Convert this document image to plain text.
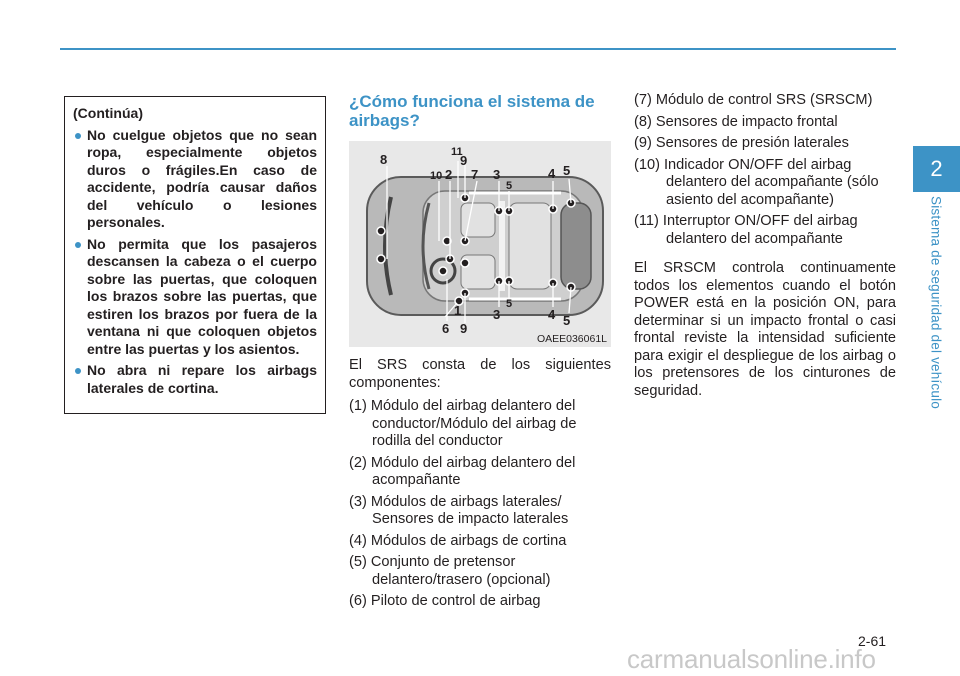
2
Sistema de seguridad del vehículo
(Continúa)
No cuelgue objetos que no sean ropa, especialmente objetos duros o frágiles.En caso de accidente, podría causar daños del vehículo o lesiones personales.
No permita que los pasajeros descansen la cabeza o el cuerpo sobre las puertas, que coloquen los brazos sobre las puertas, que estiren los brazos por fuera de la ventana ni que coloquen objetos entre las puertas y los asientos.
No abra ni repare los airbags laterales de cortina.
¿Cómo funciona el sistema de airbags?
8	11
9
10 2 7 3
5
4 5
1
6 9
3
5
4 5
OAEE036061L
El SRS consta de los siguientes componentes:
(1) Módulo del airbag delantero del conductor/Módulo del airbag de rodilla del conductor
(2) Módulo del airbag delantero del acompañante
(3) Módulos de airbags laterales/ Sensores de impacto laterales
(4) Módulos de airbags de cortina
(5) Conjunto de pretensor delantero/trasero (opcional)
(6) Piloto de control de airbag
(7) Módulo de control SRS (SRSCM)
(8) Sensores de impacto frontal
(9) Sensores de presión laterales
(10) Indicador ON/OFF del airbag delantero del acompañante (sólo asiento del acompañante)
(11) Interruptor ON/OFF del airbag delantero del acompañante
El SRSCM controla continuamente todos los elementos cuando el botón POWER está en la posición ON, para determinar si un impacto frontal o casi frontal reviste la intensidad suficiente para exigir el despliegue de los airbag o los pretensores de los cinturones de seguridad.
2-61
carmanualsonline.info
